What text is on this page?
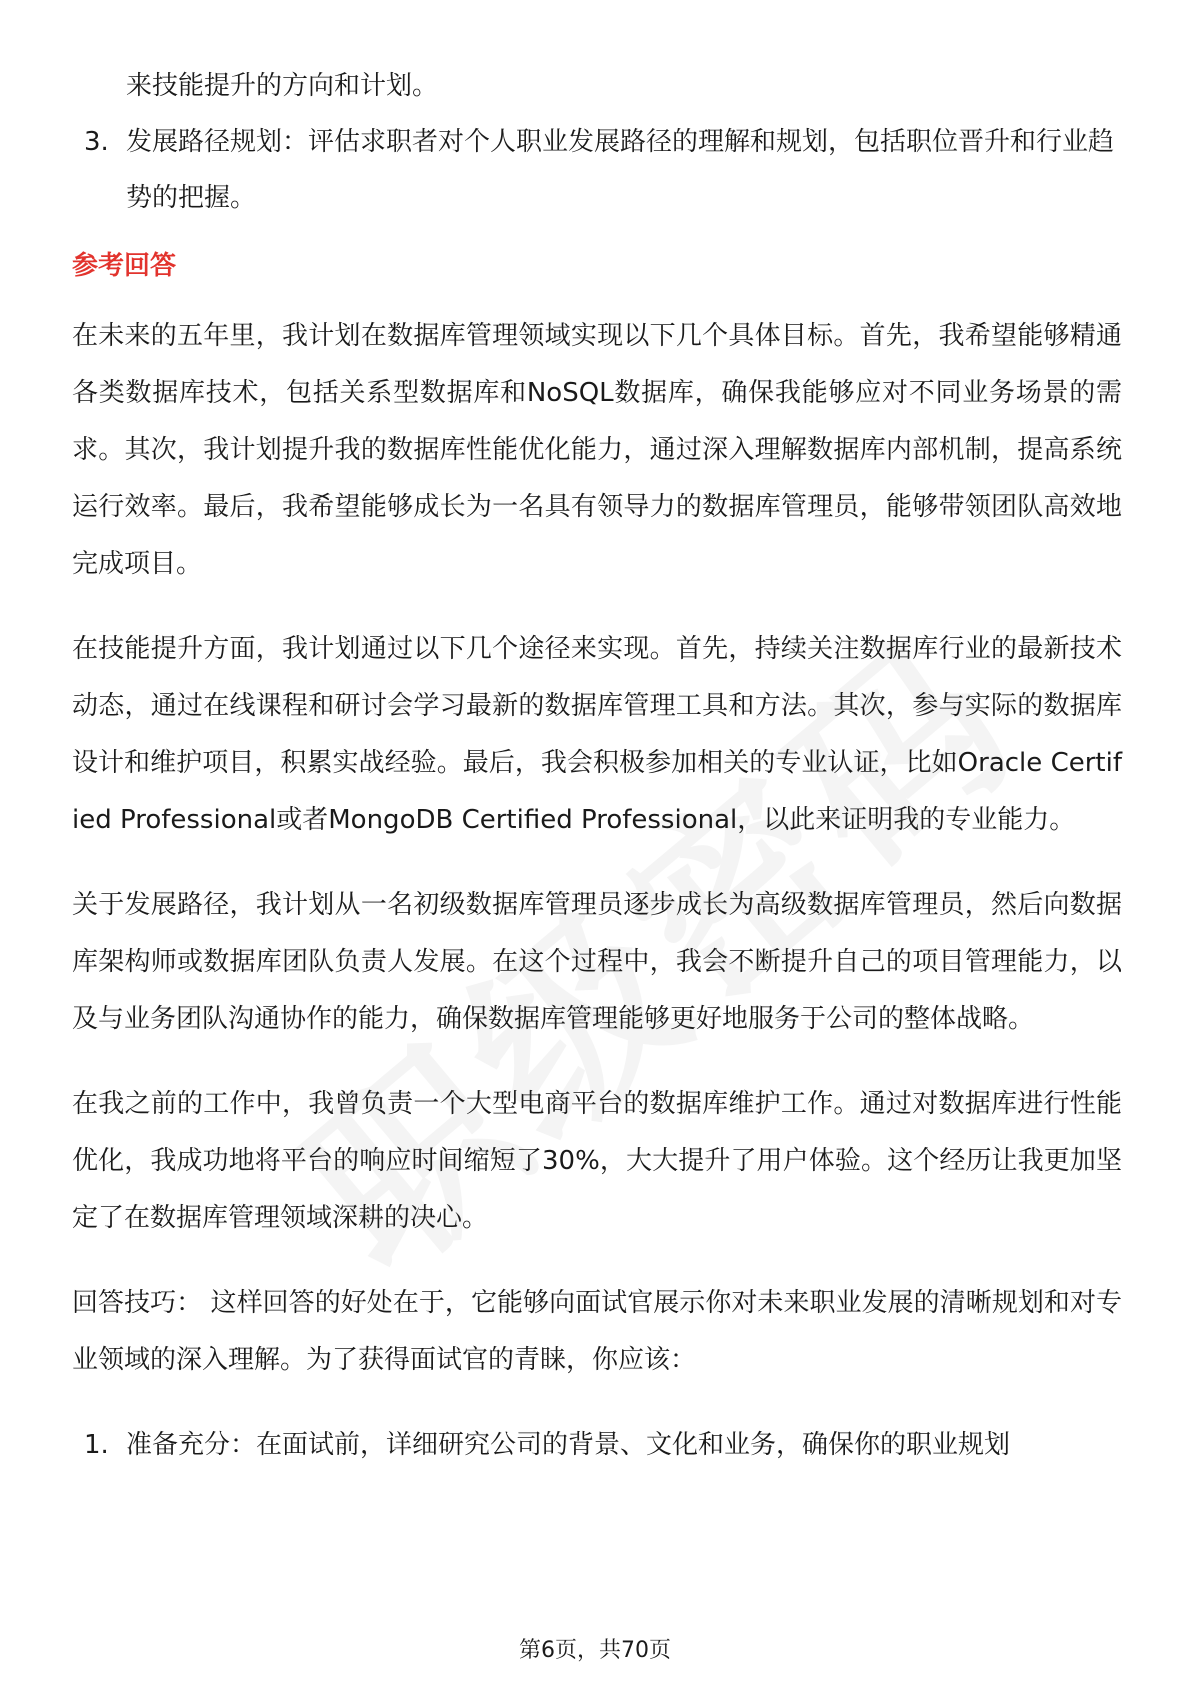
来技能提升的方向和计划。
3. 发展路径规划：评估求职者对个人职业发展路径的理解和规划，包括职位晋升和行业趋势的把握。
参考回答

在未来的五年里，我计划在数据库管理领域实现以下几个具体目标。首先，我希望能够精通各类数据库技术，包括关系型数据库和NoSQL数据库，确保我能够应对不同业务场景的需求。其次，我计划提升我的数据库性能优化能力，通过深入理解数据库内部机制，提高系统运行效率。最后，我希望能够成长为一名具有领导力的数据库管理员，能够带领团队高效地完成项目。

在技能提升方面，我计划通过以下几个途径来实现。首先，持续关注数据库行业的最新技术动态，通过在线课程和研讨会学习最新的数据库管理工具和方法。其次，参与实际的数据库设计和维护项目，积累实战经验。最后，我会积极参加相关的专业认证，比如Oracle Certified Professional或者MongoDB Certified Professional，以此来证明我的专业能力。

关于发展路径，我计划从一名初级数据库管理员逐步成长为高级数据库管理员，然后向数据库架构师或数据库团队负责人发展。在这个过程中，我会不断提升自己的项目管理能力，以及与业务团队沟通协作的能力，确保数据库管理能够更好地服务于公司的整体战略。

在我之前的工作中，我曾负责一个大型电商平台的数据库维护工作。通过对数据库进行性能优化，我成功地将平台的响应时间缩短了30%，大大提升了用户体验。这个经历让我更加坚定了在数据库管理领域深耕的决心。

回答技巧： 这样回答的好处在于，它能够向面试官展示你对未来职业发展的清晰规划和对专业领域的深入理解。为了获得面试官的青睐，你应该：

1. 准备充分：在面试前，详细研究公司的背景、文化和业务，确保你的职业规划
第6页，共70页
